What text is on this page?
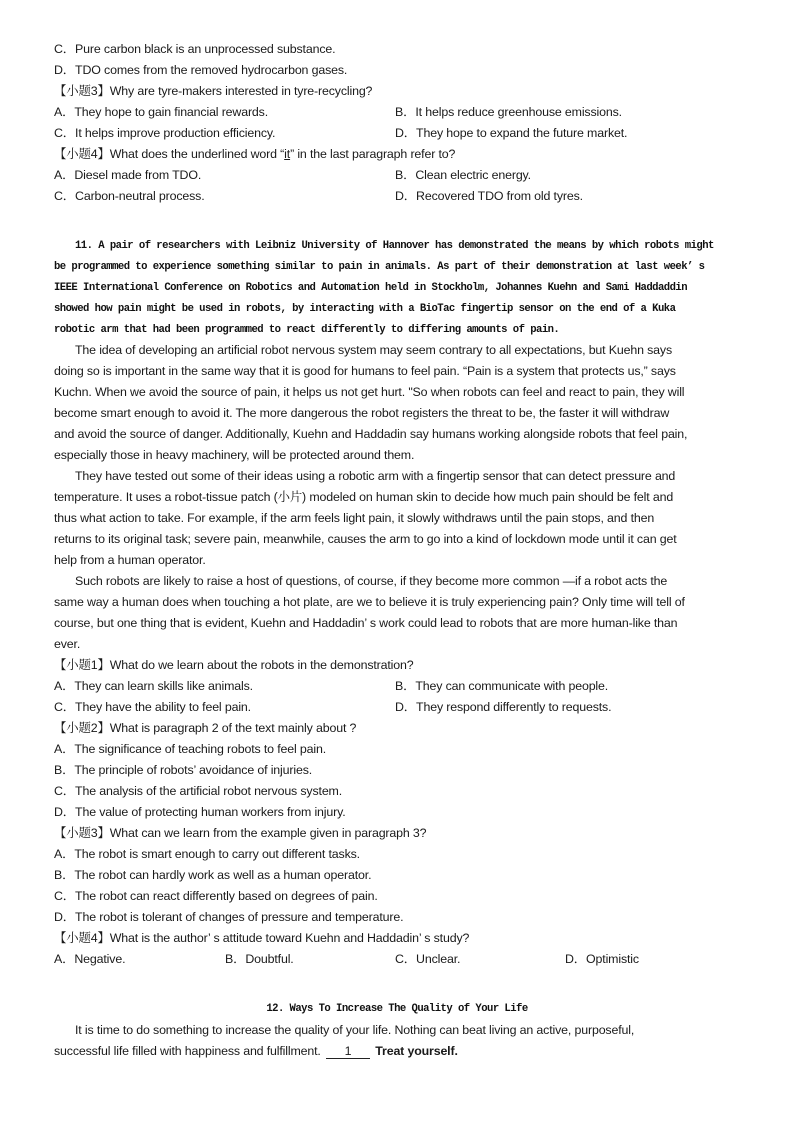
C．Pure carbon black is an unprocessed substance.
D．TDO comes from the removed hydrocarbon gases.
【小题3】Why are tyre-makers interested in tyre-recycling?
A．They hope to gain financial rewards.	B．It helps reduce greenhouse emissions.
C．It helps improve production efficiency.	D．They hope to expand the future market.
【小题4】What does the underlined word “it” in the last paragraph refer to?
A．Diesel made from TDO.	B．Clean electric energy.
C．Carbon-neutral process.	D．Recovered TDO from old tyres.
11. A pair of researchers with Leibniz University of Hannover has demonstrated the means by which robots might
be programmed to experience something similar to pain in animals. As part of their demonstration at last week’ s
IEEE International Conference on Robotics and Automation held in Stockholm, Johannes Kuehn and Sami Haddaddin
showed how pain might be used in robots, by interacting with a BioTac fingertip sensor on the end of a Kuka
robotic arm that had been programmed to react differently to differing amounts of pain.
The idea of developing an artificial robot nervous system may seem contrary to all expectations, but Kuehn says
doing so is important in the same way that it is good for humans to feel pain. “Pain is a system that protects us,” says
Kuchn. When we avoid the source of pain, it helps us not get hurt. "So when robots can feel and react to pain, they will
become smart enough to avoid it. The more dangerous the robot registers the threat to be, the faster it will withdraw
and avoid the source of danger. Additionally, Kuehn and Haddadin say humans working alongside robots that feel pain,
especially those in heavy machinery, will be protected around them.
They have tested out some of their ideas using a robotic arm with a fingertip sensor that can detect pressure and
temperature. It uses a robot-tissue patch (小片) modeled on human skin to decide how much pain should be felt and
thus what action to take. For example, if the arm feels light pain, it slowly withdraws until the pain stops, and then
returns to its original task; severe pain, meanwhile, causes the arm to go into a kind of lockdown mode until it can get
help from a human operator.
Such robots are likely to raise a host of questions, of course, if they become more common —if a robot acts the
same way a human does when touching a hot plate, are we to believe it is truly experiencing pain? Only time will tell of
course, but one thing that is evident, Kuehn and Haddadin’ s work could lead to robots that are more human-like than
ever.
【小题1】What do we learn about the robots in the demonstration?
A．They can learn skills like animals.	B．They can communicate with people.
C．They have the ability to feel pain.	D．They respond differently to requests.
【小题2】What is paragraph 2 of the text mainly about ?
A．The significance of teaching robots to feel pain.
B．The principle of robots’ avoidance of injuries.
C．The analysis of the artificial robot nervous system.
D．The value of protecting human workers from injury.
【小题3】What can we learn from the example given in paragraph 3?
A．The robot is smart enough to carry out different tasks.
B．The robot can hardly work as well as a human operator.
C．The robot can react differently based on degrees of pain.
D．The robot is tolerant of changes of pressure and temperature.
【小题4】What is the author’ s attitude toward Kuehn and Haddadin’ s study?
A．Negative.	B．Doubtful.	C．Unclear.	D．Optimistic
12. Ways To Increase The Quality of Your Life
It is time to do something to increase the quality of your life. Nothing can beat living an active, purposeful,
successful life filled with happiness and fulfillment. 1 Treat yourself.
